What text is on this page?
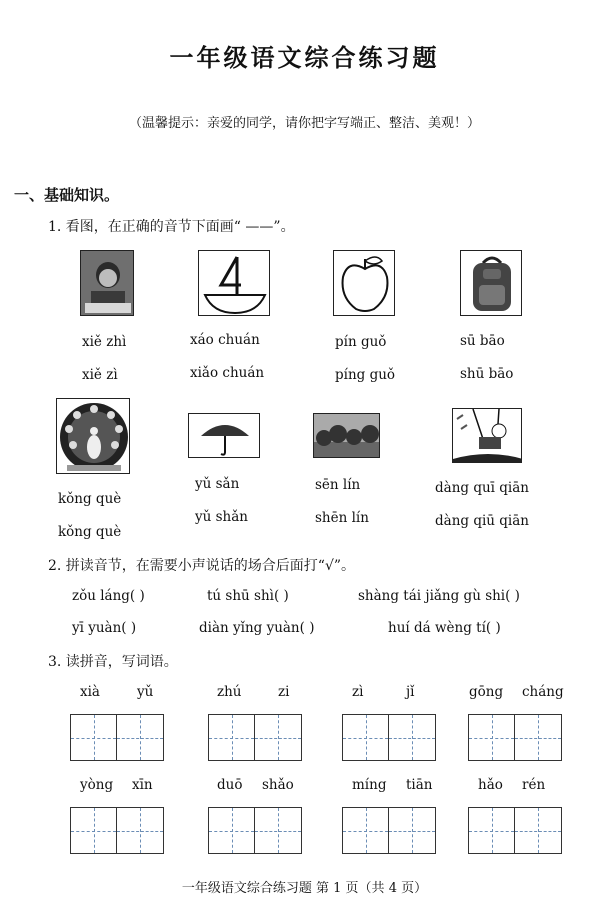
一年级语文综合练习题
（温馨提示：亲爱的同学，请你把字写端正、整洁、美观！）
一、基础知识。
1. 看图，在正确的音节下面画“ ——”。
xiě zhì
xiě zì
xáo chuán
xiǎo chuán
pín guǒ
píng guǒ
sū bāo
shū bāo
kǒng què
kǒng què
yǔ sǎn
yǔ shǎn
sēn lín
shēn lín
dàng quī qiān
dàng qiū qiān
2. 拼读音节，在需要小声说话的场合后面打“√”。
zǒu láng( )	tú shū shì( )	shàng tái jiǎng gù shi( )
yī yuàn( )	diàn yǐng yuàn( )	huí dá wèng tí( )
3. 读拼音，写词语。
xià	yǔ	zhú	zi	zì	jǐ	gōng cháng
yòng xīn	duō shǎo	míng tiān	hǎo rén
一年级语文综合练习题 第 1 页（共 4 页）
